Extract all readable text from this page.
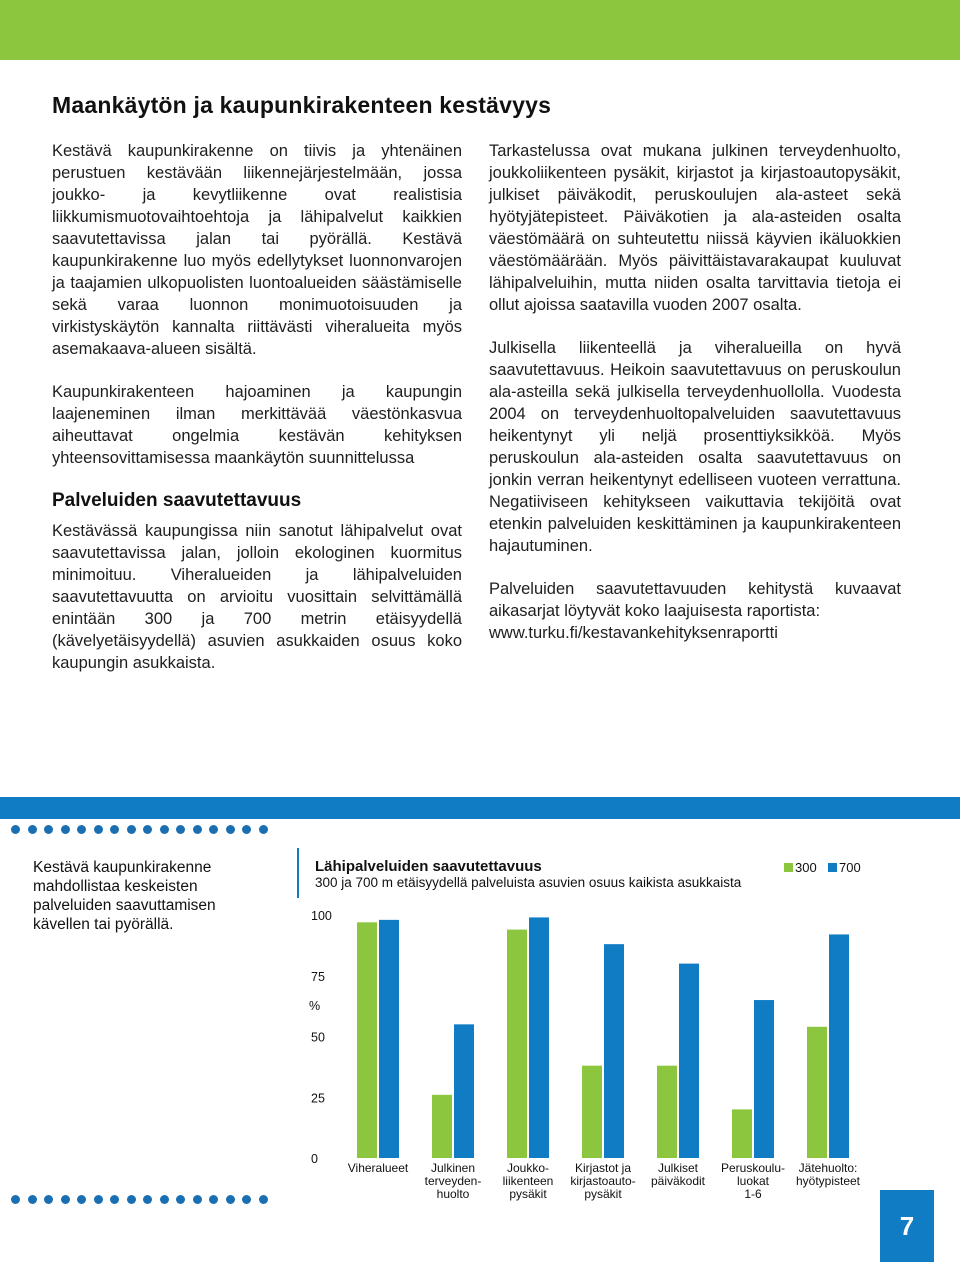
Maankäytön ja kaupunkirakenteen kestävyys

Kestävä kaupunkirakenne on tiivis ja yhtenäinen perustuen kestävään liikennejärjestelmään, jossa joukko- ja kevytliikenne ovat realistisia liikkumismuotovaihtoehtoja ja lähipalvelut kaikkien saavutettavissa jalan tai pyörällä. Kestävä kaupunkirakenne luo myös edellytykset luonnonvarojen ja taajamien ulkopuolisten luontoalueiden säästämiselle sekä varaa luonnon monimuotoisuuden ja virkistyskäytön kannalta riittävästi viheralueita myös asemakaava-alueen sisältä.

Kaupunkirakenteen hajoaminen ja kaupungin laajeneminen ilman merkittävää väestönkasvua aiheuttavat ongelmia kestävän kehityksen yhteensovittamisessa maankäytön suunnittelussa

Palveluiden saavutettavuus

Kestävässä kaupungissa niin sanotut lähipalvelut ovat saavutettavissa jalan, jolloin ekologinen kuormitus minimoituu. Viheralueiden ja lähipalveluiden saavutettavuutta on arvioitu vuosittain selvittämällä enintään 300 ja 700 metrin etäisyydellä (kävelyetäisyydellä) asuvien asukkaiden osuus koko kaupungin asukkaista.

Tarkastelussa ovat mukana julkinen terveydenhuolto, joukkoliikenteen pysäkit, kirjastot ja kirjastoautopysäkit, julkiset päiväkodit, peruskoulujen ala-asteet sekä hyötyjätepisteet. Päiväkotien ja ala-asteiden osalta väestömäärä on suhteutettu niissä käyvien ikäluokkien väestömäärään. Myös päivittäistavarakaupat kuuluvat lähipalveluihin, mutta niiden osalta tarvittavia tietoja ei ollut ajoissa saatavilla vuoden 2007 osalta.

Julkisella liikenteellä ja viheralueilla on hyvä saavutettavuus. Heikoin saavutettavuus on peruskoulun ala-asteilla sekä julkisella terveydenhuollolla. Vuodesta 2004 on terveydenhuoltopalveluiden saavutettavuus heikentynyt yli neljä prosenttiyksikköä. Myös peruskoulun ala-asteiden osalta saavutettavuus on jonkin verran heikentynyt edelliseen vuoteen verrattuna. Negatiiviseen kehitykseen vaikuttavia tekijöitä ovat etenkin palveluiden keskittäminen ja kaupunkirakenteen hajautuminen.

Palveluiden saavutettavuuden kehitystä kuvaavat aikasarjat löytyvät koko laajuisesta raportista:

www.turku.fi/kestavankehityksenraportti
Kestävä kaupunkirakenne mahdollistaa keskeisten palveluiden saavuttamisen kävellen tai pyörällä.
Lähipalveluiden saavutettavuus
300 ja 700 m etäisyydellä palveluista asuvien osuus kaikista asukkaista
300 700
0
25
50
75
100
%
Viheralueet Julkinen
terveyden-
huolto
Joukko-
liikenteen
pysäkit
Kirjastot ja
kirjastoauto-
pysäkit
Julkiset
päiväkodit
Peruskoulu-
luokat
1-6
Jätehuolto:
hyötypisteet
7
